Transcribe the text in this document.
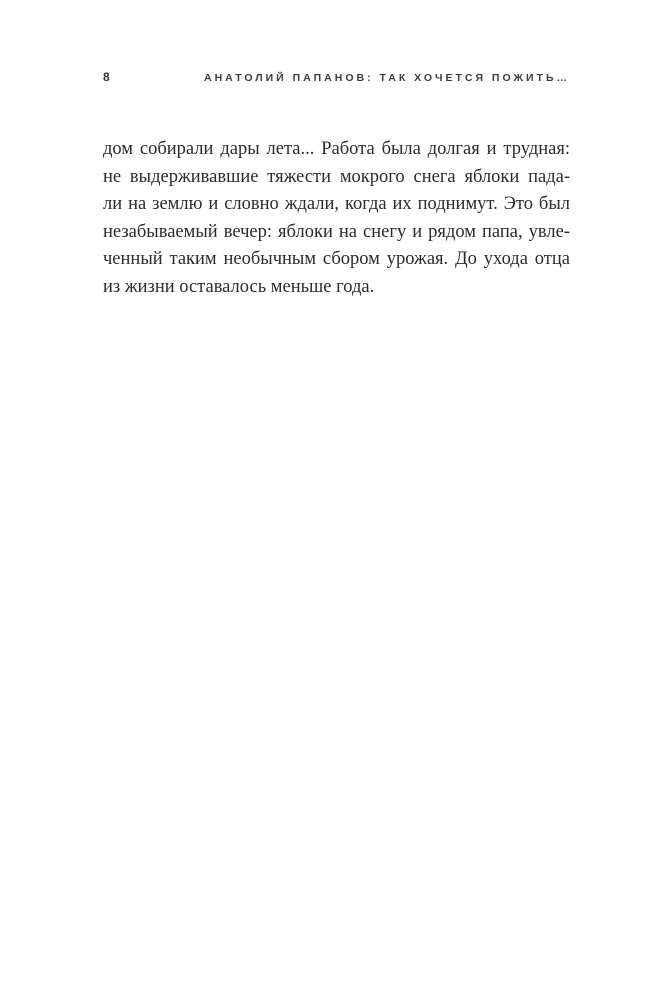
8	АНАТОЛИЙ ПАПАНОВ: ТАК ХОЧЕТСЯ ПОЖИТЬ…
дом собирали дары лета... Работа была долгая и трудная:
не выдерживавшие тяжести мокрого снега яблоки пада-
ли на землю и словно ждали, когда их поднимут. Это был
незабываемый вечер: яблоки на снегу и рядом папа, увле-
ченный таким необычным сбором урожая. До ухода отца
из жизни оставалось меньше года.
